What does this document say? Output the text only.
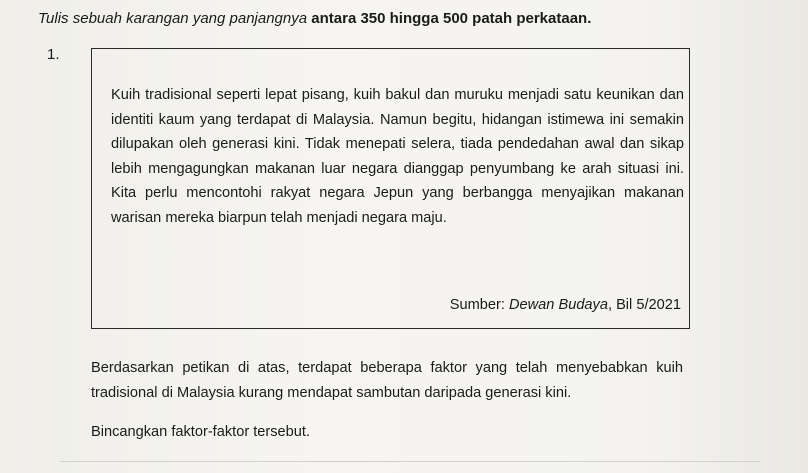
Tulis sebuah karangan yang panjangnya antara 350 hingga 500 patah perkataan.
1.
Kuih tradisional seperti lepat pisang, kuih bakul dan muruku menjadi satu keunikan dan identiti kaum yang terdapat di Malaysia. Namun begitu, hidangan istimewa ini semakin dilupakan oleh generasi kini. Tidak menepati selera, tiada pendedahan awal dan sikap lebih mengagungkan makanan luar negara dianggap penyumbang ke arah situasi ini. Kita perlu mencontohi rakyat negara Jepun yang berbangga menyajikan makanan warisan mereka biarpun telah menjadi negara maju.
Sumber: Dewan Budaya, Bil 5/2021
Berdasarkan petikan di atas, terdapat beberapa faktor yang telah menyebabkan kuih tradisional di Malaysia kurang mendapat sambutan daripada generasi kini.
Bincangkan faktor-faktor tersebut.
